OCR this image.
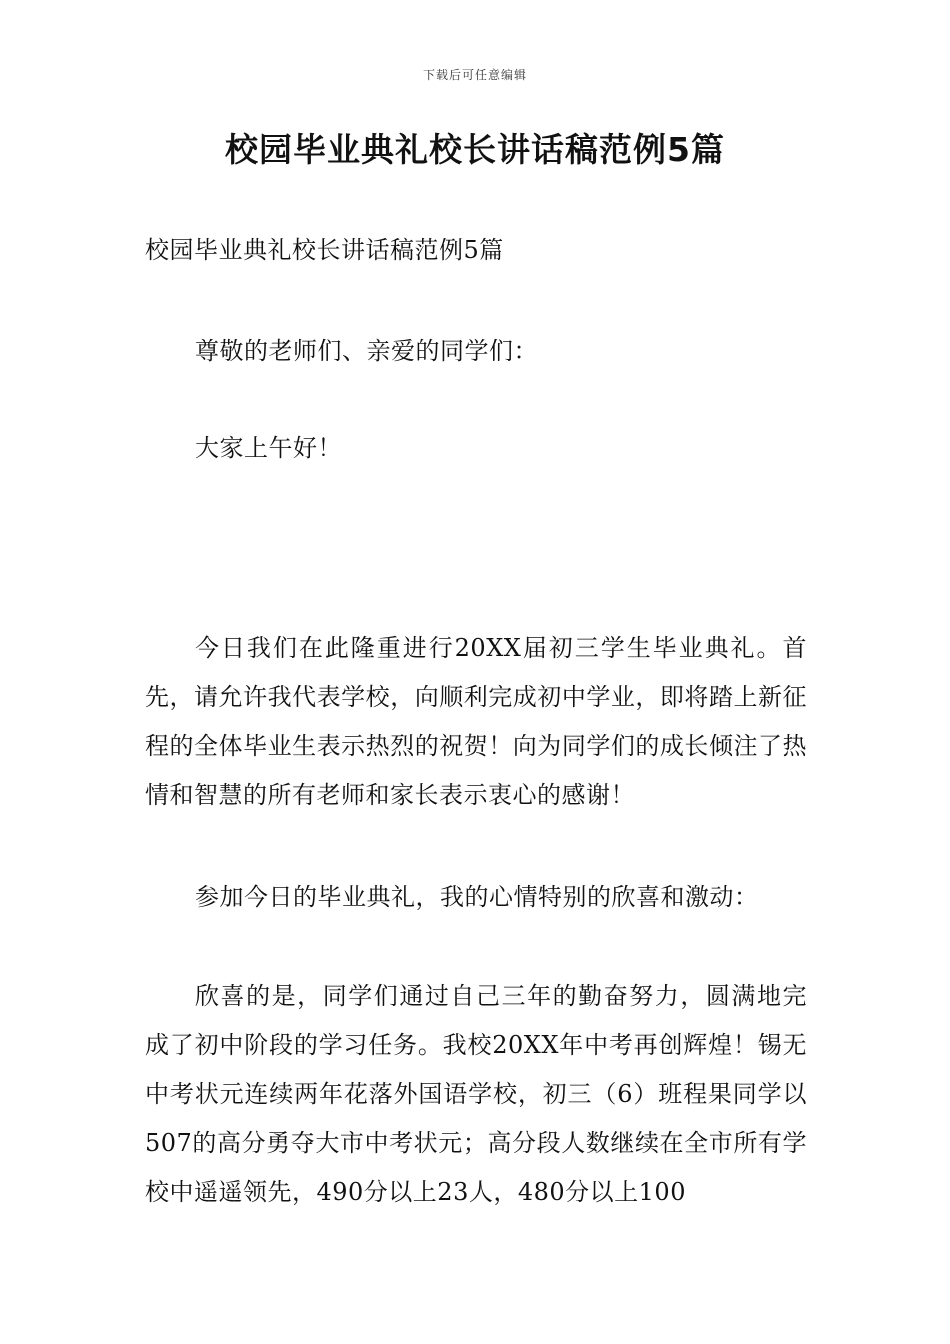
下载后可任意编辑
校园毕业典礼校长讲话稿范例5篇

校园毕业典礼校长讲话稿范例5篇

尊敬的老师们、亲爱的同学们：

大家上午好！

今日我们在此隆重进行20XX届初三学生毕业典礼。首先，请允许我代表学校，向顺利完成初中学业，即将踏上新征程的全体毕业生表示热烈的祝贺！向为同学们的成长倾注了热情和智慧的所有老师和家长表示衷心的感谢！

参加今日的毕业典礼，我的心情特别的欣喜和激动：

欣喜的是，同学们通过自己三年的勤奋努力，圆满地完成了初中阶段的学习任务。我校20XX年中考再创辉煌！锡无中考状元连续两年花落外国语学校，初三（6）班程果同学以507的高分勇夺大市中考状元；高分段人数继续在全市所有学校中遥遥领先，490分以上23人，480分以上100
